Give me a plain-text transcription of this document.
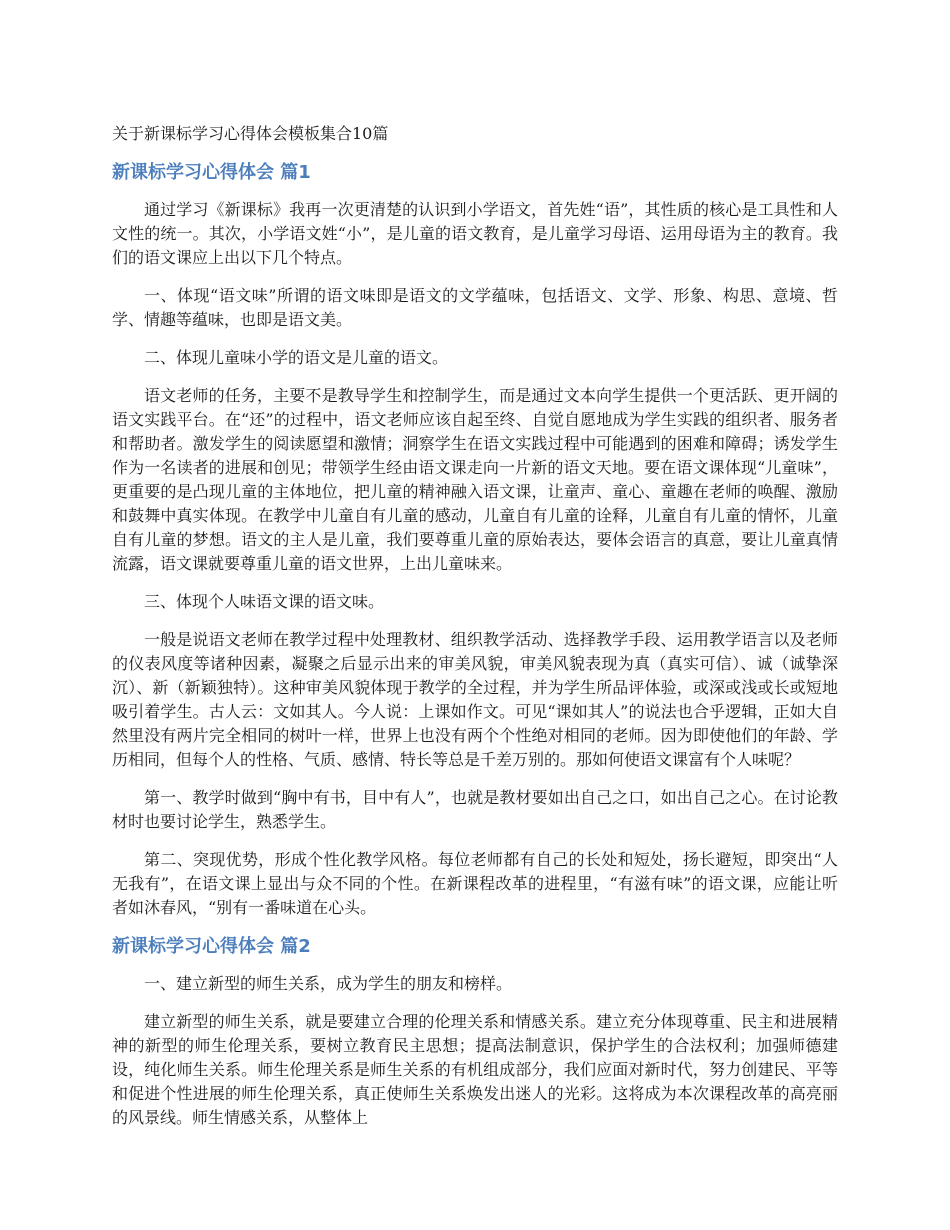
关于新课标学习心得体会模板集合10篇
新课标学习心得体会 篇1

通过学习《新课标》我再一次更清楚的认识到小学语文，首先姓“语”，其性质的核心是工具性和人文性的统一。其次，小学语文姓“小”，是儿童的语文教育，是儿童学习母语、运用母语为主的教育。我们的语文课应上出以下几个特点。

一、体现“语文味”所谓的语文味即是语文的文学蕴味，包括语文、文学、形象、构思、意境、哲学、情趣等蕴味，也即是语文美。

二、体现儿童味小学的语文是儿童的语文。

语文老师的任务，主要不是教导学生和控制学生，而是通过文本向学生提供一个更活跃、更开阔的语文实践平台。在“还”的过程中，语文老师应该自起至终、自觉自愿地成为学生实践的组织者、服务者和帮助者。激发学生的阅读愿望和激情；洞察学生在语文实践过程中可能遇到的困难和障碍；诱发学生作为一名读者的进展和创见；带领学生经由语文课走向一片新的语文天地。要在语文课体现“儿童味”，更重要的是凸现儿童的主体地位，把儿童的精神融入语文课，让童声、童心、童趣在老师的唤醒、激励和鼓舞中真实体现。在教学中儿童自有儿童的感动，儿童自有儿童的诠释，儿童自有儿童的情怀，儿童自有儿童的梦想。语文的主人是儿童，我们要尊重儿童的原始表达，要体会语言的真意，要让儿童真情流露，语文课就要尊重儿童的语文世界，上出儿童味来。

三、体现个人味语文课的语文味。

一般是说语文老师在教学过程中处理教材、组织教学活动、选择教学手段、运用教学语言以及老师的仪表风度等诸种因素，凝聚之后显示出来的审美风貌，审美风貌表现为真（真实可信）、诚（诚挚深沉）、新（新颖独特）。这种审美风貌体现于教学的全过程，并为学生所品评体验，或深或浅或长或短地吸引着学生。古人云：文如其人。今人说：上课如作文。可见“课如其人”的说法也合乎逻辑，正如大自然里没有两片完全相同的树叶一样，世界上也没有两个个性绝对相同的老师。因为即使他们的年龄、学历相同，但每个人的性格、气质、感情、特长等总是千差万别的。那如何使语文课富有个人味呢？

第一、教学时做到“胸中有书，目中有人”，也就是教材要如出自己之口，如出自己之心。在讨论教材时也要讨论学生，熟悉学生。

第二、突现优势，形成个性化教学风格。每位老师都有自己的长处和短处，扬长避短，即突出“人无我有”，在语文课上显出与众不同的个性。在新课程改革的进程里，“有滋有味”的语文课，应能让听者如沐春风，“别有一番味道在心头。

新课标学习心得体会 篇2

一、建立新型的师生关系，成为学生的朋友和榜样。

建立新型的师生关系，就是要建立合理的伦理关系和情感关系。建立充分体现尊重、民主和进展精神的新型的师生伦理关系，要树立教育民主思想；提高法制意识，保护学生的合法权利；加强师德建设，纯化师生关系。师生伦理关系是师生关系的有机组成部分，我们应面对新时代，努力创建民、平等和促进个性进展的师生伦理关系，真正使师生关系焕发出迷人的光彩。这将成为本次课程改革的高亮丽的风景线。师生情感关系，从整体上
